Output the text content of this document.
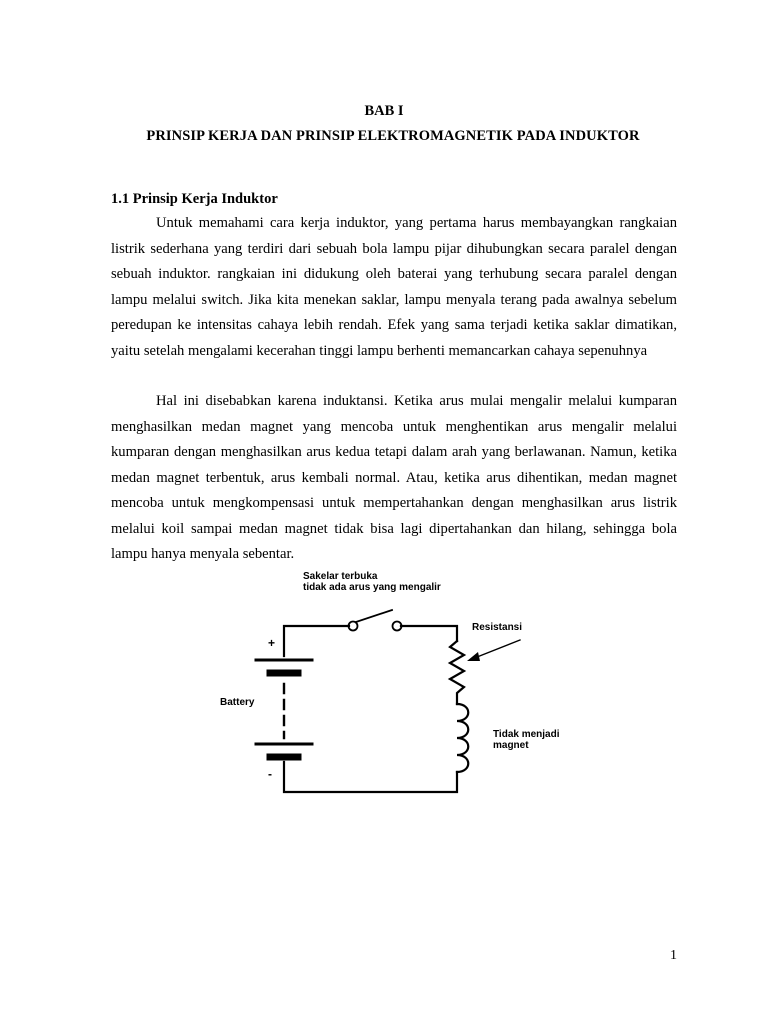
BAB I
PRINSIP KERJA DAN PRINSIP ELEKTROMAGNETIK PADA INDUKTOR
1.1 Prinsip Kerja Induktor

Untuk memahami cara kerja induktor, yang pertama harus membayangkan rangkaian listrik sederhana yang terdiri dari sebuah bola lampu pijar dihubungkan secara paralel dengan sebuah induktor. rangkaian ini didukung oleh baterai yang terhubung secara paralel dengan lampu melalui switch. Jika kita menekan saklar, lampu menyala terang pada awalnya sebelum peredupan ke intensitas cahaya lebih rendah. Efek yang sama terjadi ketika saklar dimatikan, yaitu setelah mengalami kecerahan tinggi lampu berhenti memancarkan cahaya sepenuhnya

Hal ini disebabkan karena induktansi. Ketika arus mulai mengalir melalui kumparan menghasilkan medan magnet yang mencoba untuk menghentikan arus mengalir melalui kumparan dengan menghasilkan arus kedua tetapi dalam arah yang berlawanan. Namun, ketika medan magnet terbentuk, arus kembali normal. Atau, ketika arus dihentikan, medan magnet mencoba untuk mengkompensasi untuk mempertahankan dengan menghasilkan arus listrik melalui koil sampai medan magnet tidak bisa lagi dipertahankan dan hilang, sehingga bola lampu hanya menyala sebentar.

Sakelar terbuka
tidak ada arus yang mengalir
Resistansi
+
Battery
-
Tidak menjadi
magnet
1
